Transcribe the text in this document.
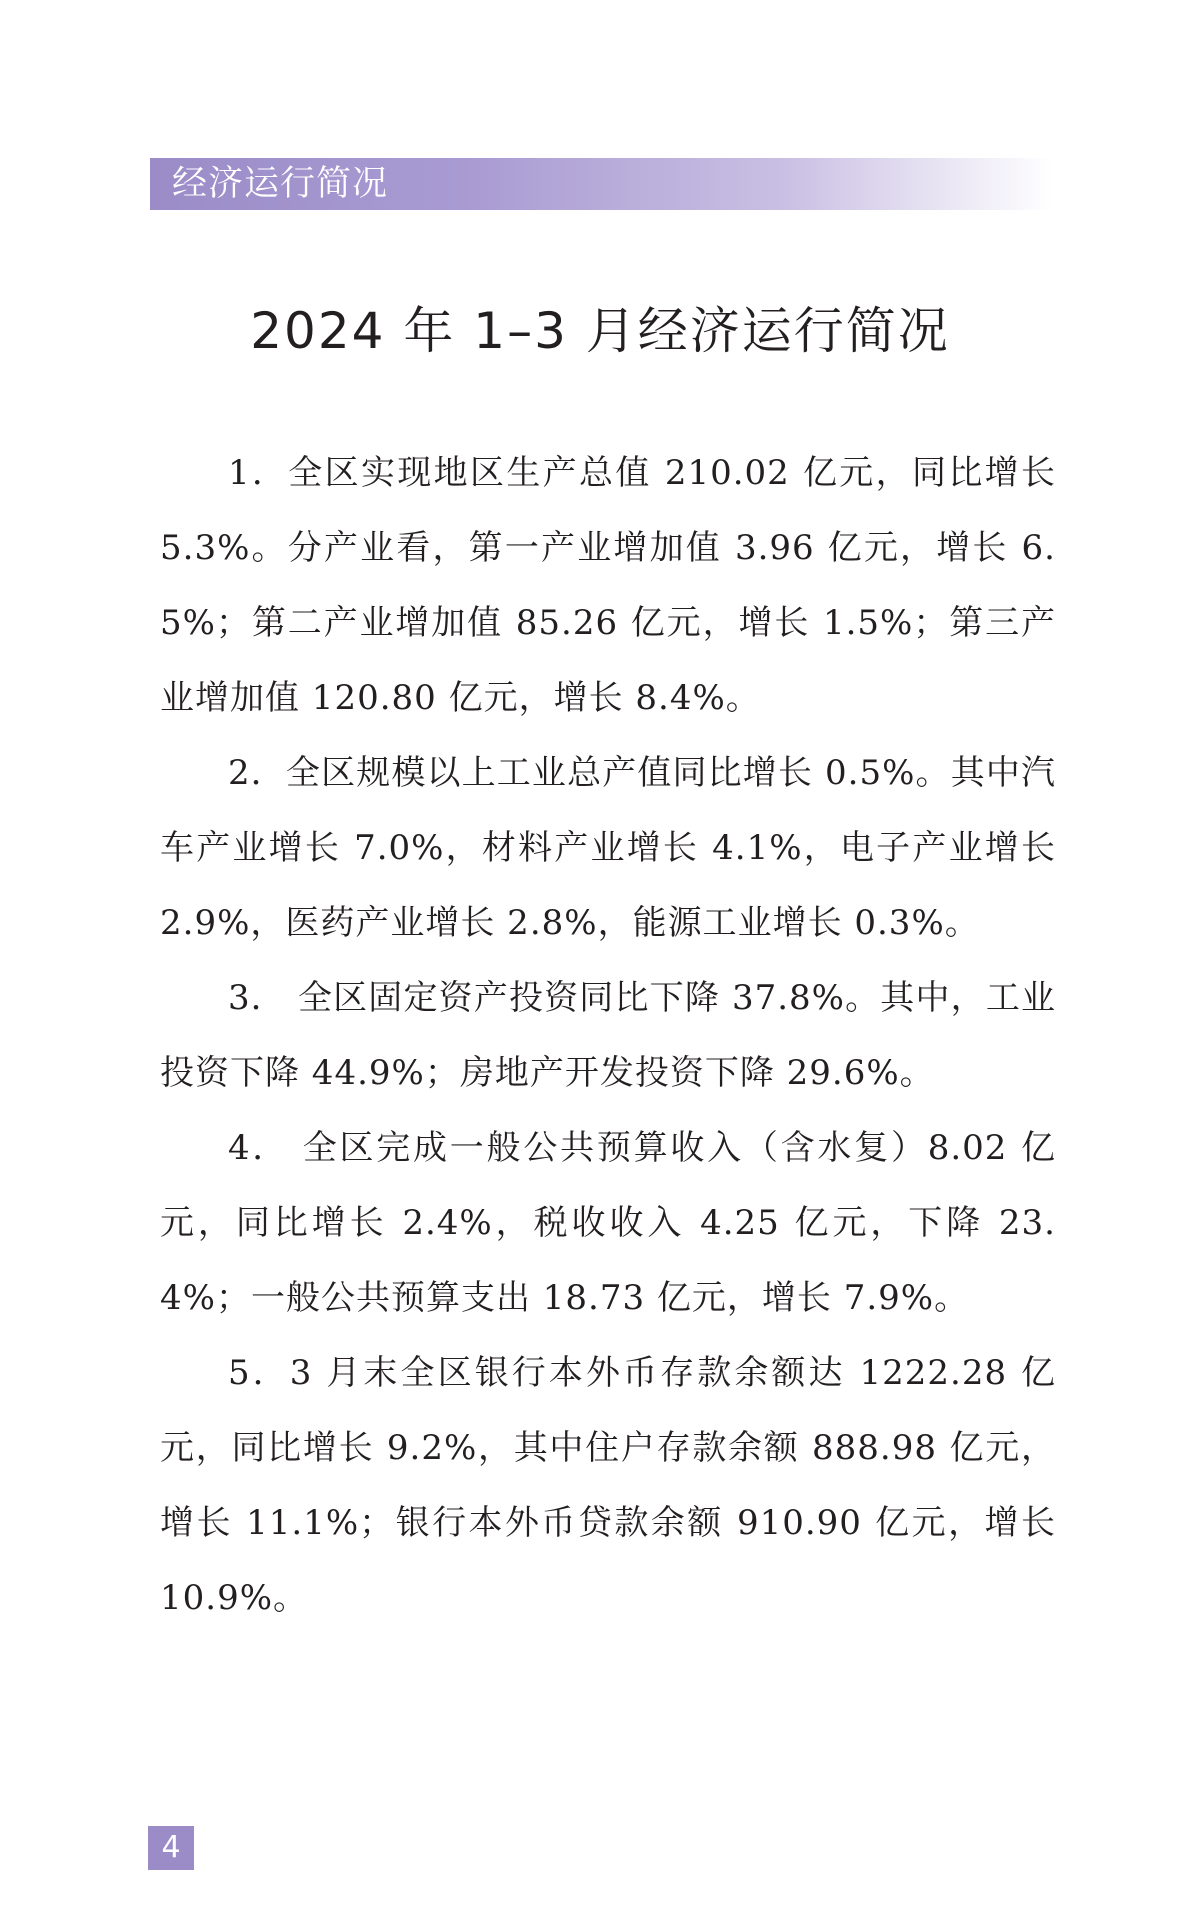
经济运行简况
2024 年 1–3 月经济运行简况

1．全区实现地区生产总值 210.02 亿元，同比增长 5.3%。分产业看，第一产业增加值 3.96 亿元，增长 6.5%；第二产业增加值 85.26 亿元，增长 1.5%；第三产业增加值 120.80 亿元，增长 8.4%。

2．全区规模以上工业总产值同比增长 0.5%。其中汽车产业增长 7.0%，材料产业增长 4.1%，电子产业增长 2.9%，医药产业增长 2.8%，能源工业增长 0.3%。

3． 全区固定资产投资同比下降 37.8%。其中，工业投资下降 44.9%；房地产开发投资下降 29.6%。

4． 全区完成一般公共预算收入（含水复）8.02 亿元，同比增长 2.4%，税收收入 4.25 亿元，下降 23.4%；一般公共预算支出 18.73 亿元，增长 7.9%。

5．3 月末全区银行本外币存款余额达 1222.28 亿元，同比增长 9.2%，其中住户存款余额 888.98 亿元，增长 11.1%；银行本外币贷款余额 910.90 亿元，增长 10.9%。

4
